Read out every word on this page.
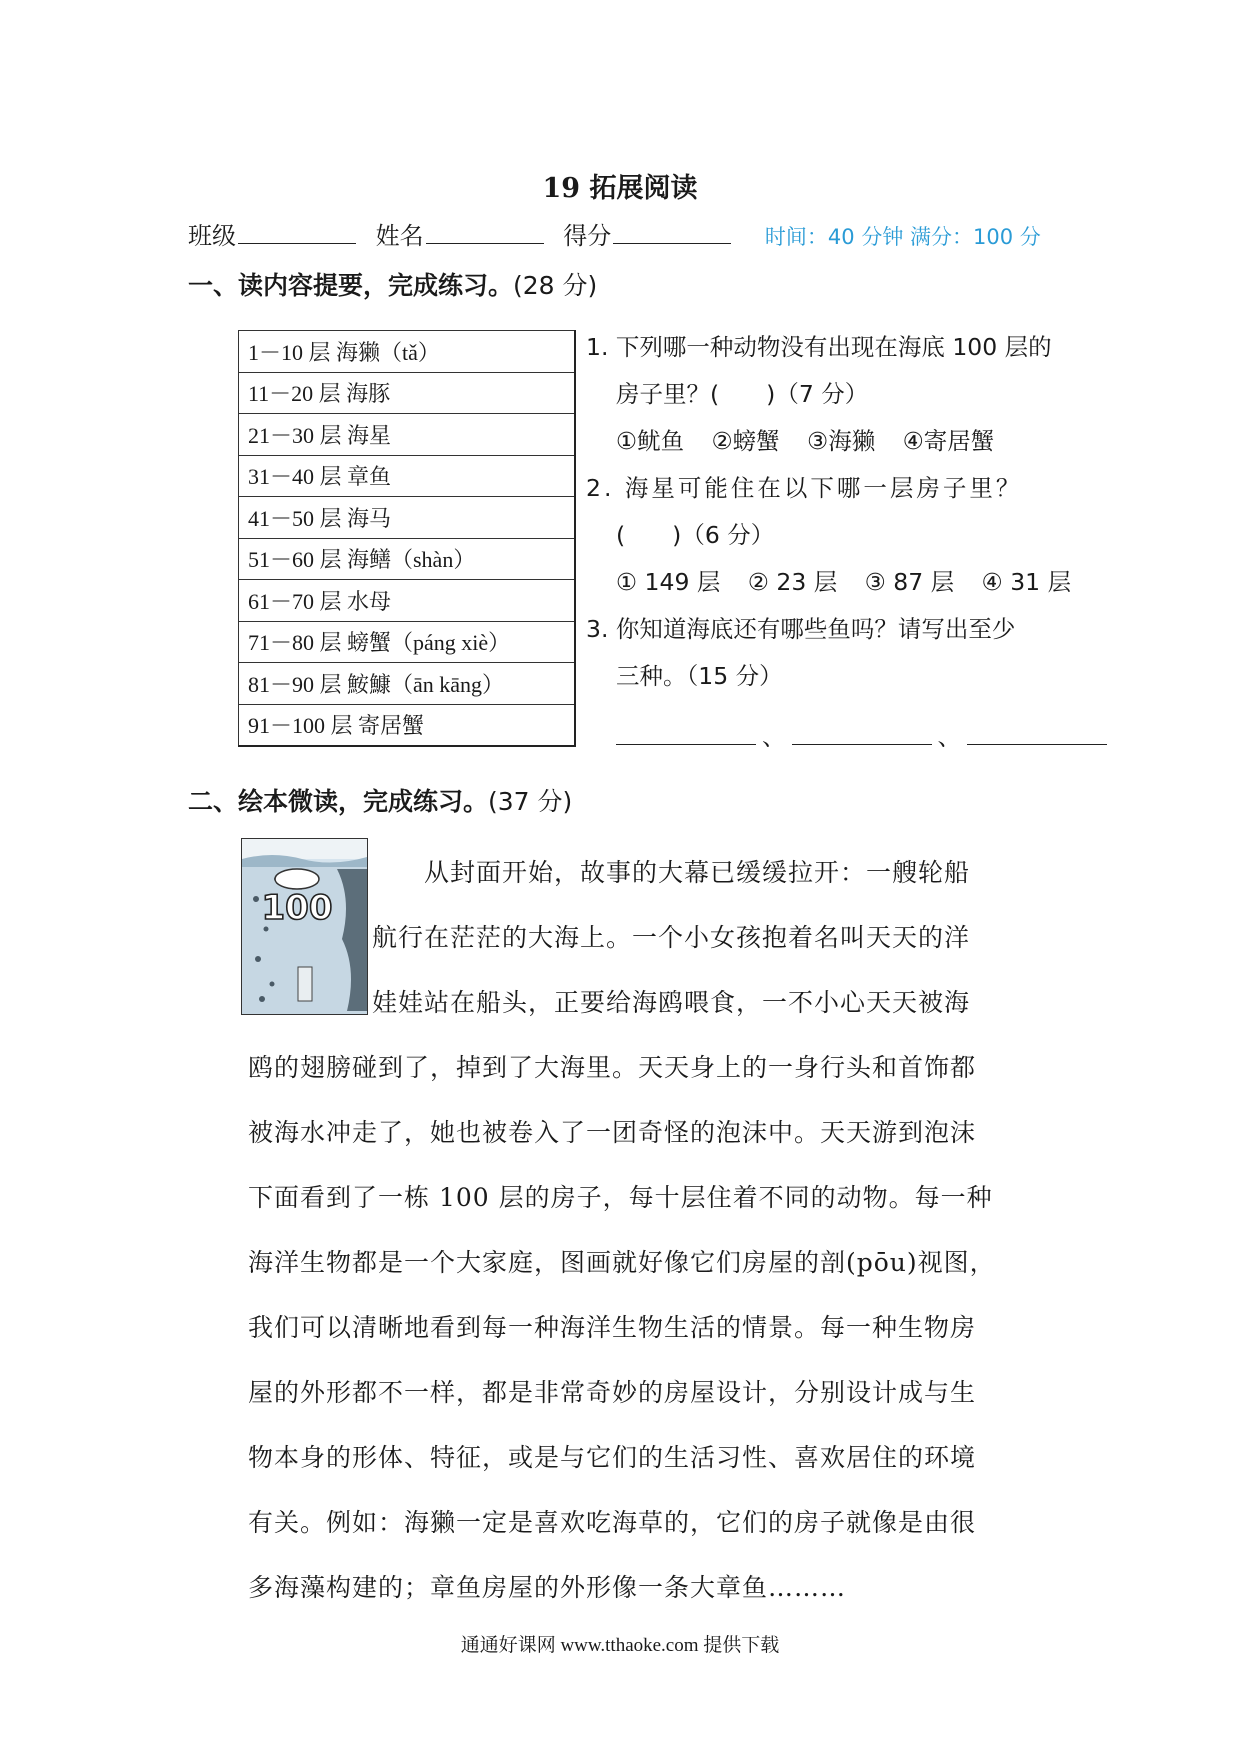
19 拓展阅读
班级	姓名	得分	时间：40 分钟 满分：100 分
一、读内容提要，完成练习。(28 分)
1－10 层 海獭（tǎ）
11－20 层 海豚
21－30 层 海星
31－40 层 章鱼
41－50 层 海马
51－60 层 海鳝（shàn）
61－70 层 水母
71－80 层 螃蟹（páng xiè）
81－90 层 鮟鱇（ān kāng）
91－100 层 寄居蟹
1. 下列哪一种动物没有出现在海底 100 层的
房子里？(　　)（7 分）
①鱿鱼 ②螃蟹 ③海獭 ④寄居蟹
2. 海星可能住在以下哪一层房子里？
(　　)（6 分）
① 149 层 ② 23 层 ③ 87 层 ④ 31 层
3. 你知道海底还有哪些鱼吗？请写出至少
三种。（15 分）
、	、
二、绘本微读，完成练习。(37 分)
100

　　从封面开始，故事的大幕已缓缓拉开：一艘轮船

航行在茫茫的大海上。一个小女孩抱着名叫天天的洋

娃娃站在船头，正要给海鸥喂食，一不小心天天被海

鸥的翅膀碰到了，掉到了大海里。天天身上的一身行头和首饰都

被海水冲走了，她也被卷入了一团奇怪的泡沫中。天天游到泡沫

下面看到了一栋 100 层的房子，每十层住着不同的动物。每一种

海洋生物都是一个大家庭，图画就好像它们房屋的剖(pōu)视图，

我们可以清晰地看到每一种海洋生物生活的情景。每一种生物房

屋的外形都不一样，都是非常奇妙的房屋设计，分别设计成与生

物本身的形体、特征，或是与它们的生活习性、喜欢居住的环境

有关。例如：海獭一定是喜欢吃海草的，它们的房子就像是由很

多海藻构建的；章鱼房屋的外形像一条大章鱼………

通通好课网 www.tthaoke.com 提供下载
